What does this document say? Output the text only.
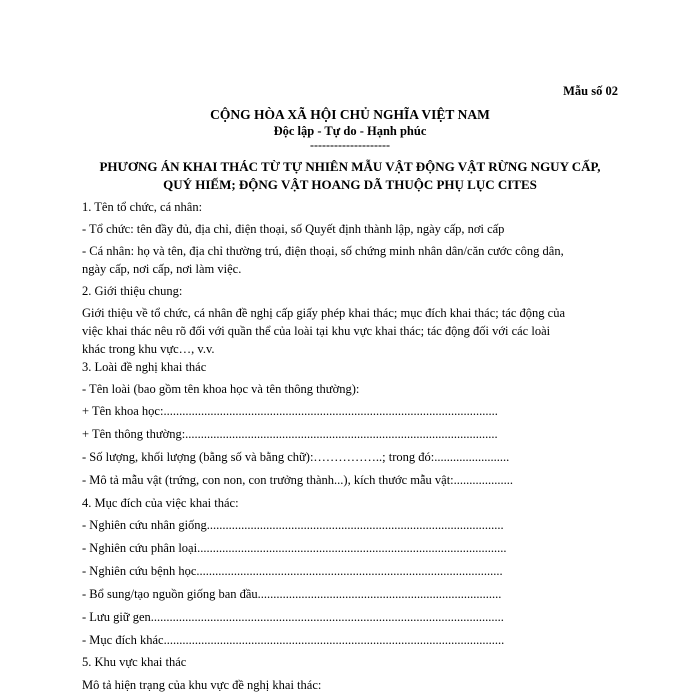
Mẫu số 02
CỘNG HÒA XÃ HỘI CHỦ NGHĨA VIỆT NAM
Độc lập - Tự do - Hạnh phúc
--------------------
PHƯƠNG ÁN KHAI THÁC TỪ TỰ NHIÊN MẪU VẬT ĐỘNG VẬT RỪNG NGUY CẤP,
QUÝ HIẾM; ĐỘNG VẬT HOANG DÃ THUỘC PHỤ LỤC CITES
1. Tên tổ chức, cá nhân:
- Tổ chức: tên đầy đủ, địa chỉ, điện thoại, số Quyết định thành lập, ngày cấp, nơi cấp
- Cá nhân: họ và tên, địa chỉ thường trú, điện thoại, số chứng minh nhân dân/căn cước công dân,
ngày cấp, nơi cấp, nơi làm việc.
2. Giới thiệu chung:
Giới thiệu về tổ chức, cá nhân đề nghị cấp giấy phép khai thác; mục đích khai thác; tác động của
việc khai thác nêu rõ đối với quần thể của loài tại khu vực khai thác; tác động đối với các loài
khác trong khu vực…, v.v.
3. Loài đề nghị khai thác
- Tên loài (bao gồm tên khoa học và tên thông thường):
+ Tên khoa học:...........................................................................................................
+ Tên thông thường:....................................................................................................
- Số lượng, khối lượng (bằng số và bằng chữ):……………..; trong đó:........................
- Mô tả mẫu vật (trứng, con non, con trưởng thành...), kích thước mẫu vật:...................
4. Mục đích của việc khai thác:
- Nghiên cứu nhân giống...............................................................................................
- Nghiên cứu phân loại...................................................................................................
- Nghiên cứu bệnh học..................................................................................................
- Bổ sung/tạo nguồn giống ban đầu..............................................................................
- Lưu giữ gen.................................................................................................................
- Mục đích khác.............................................................................................................
5. Khu vực khai thác
Mô tả hiện trạng của khu vực đề nghị khai thác:
